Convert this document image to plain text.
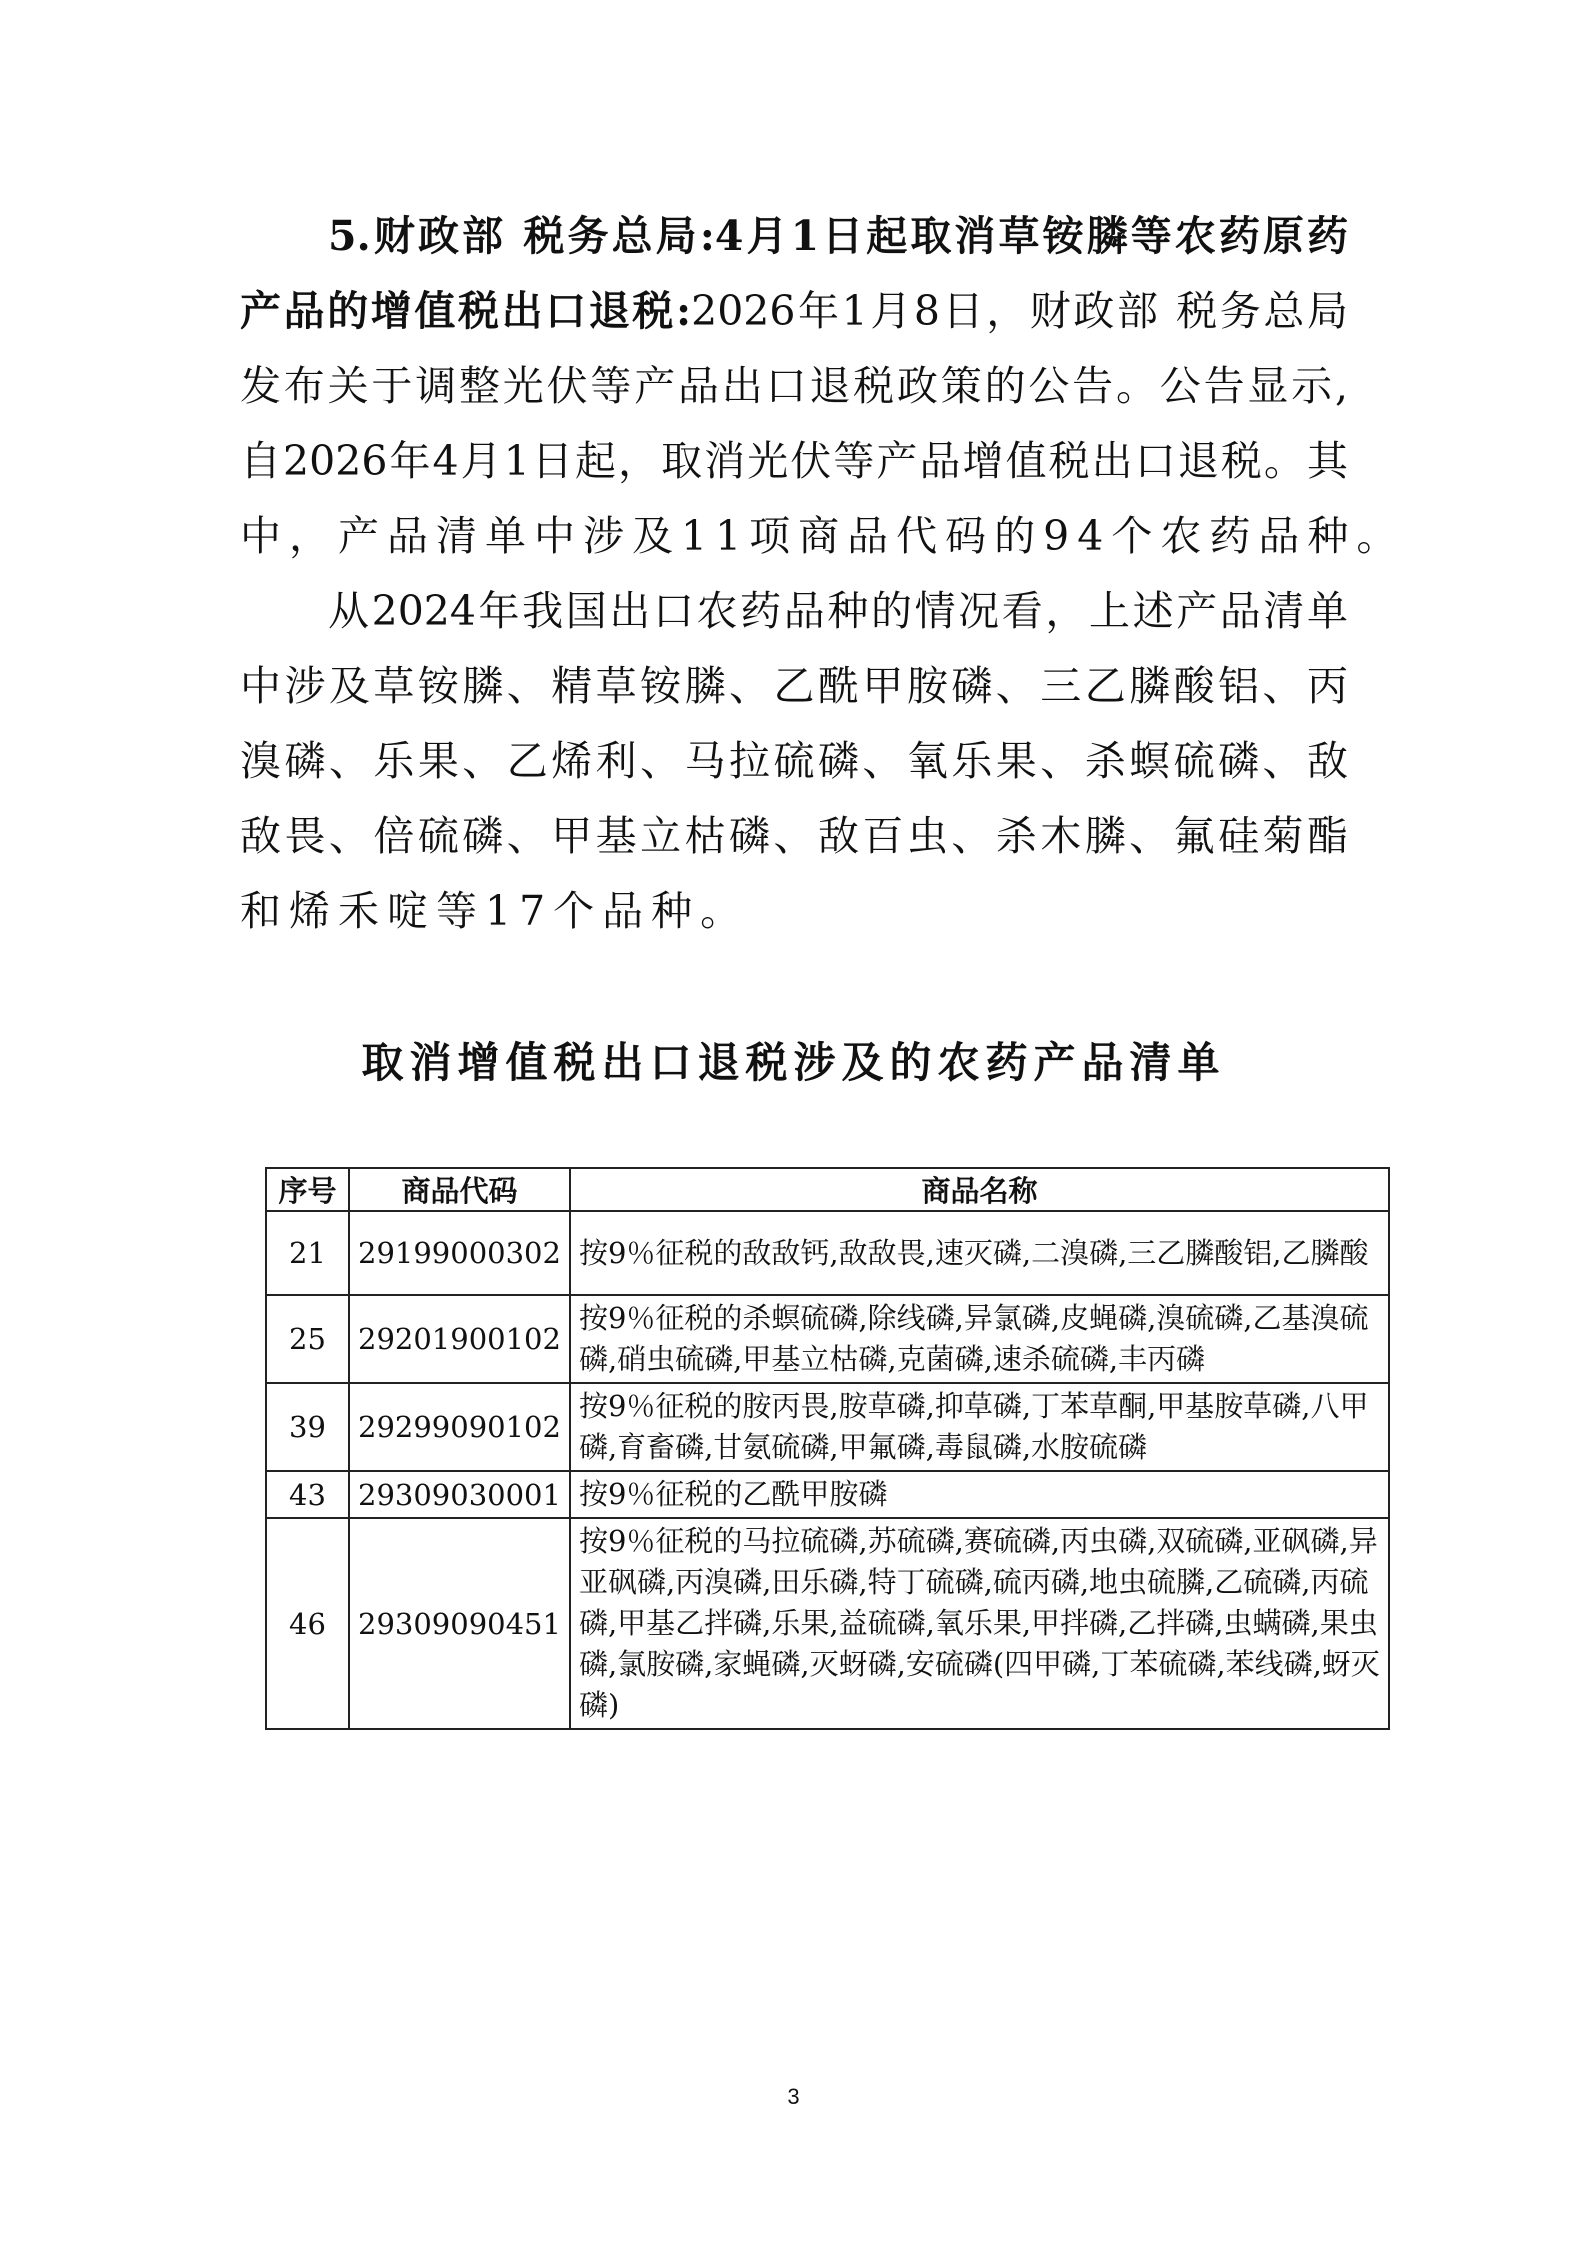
5.财政部 税务总局:4月1日起取消草铵膦等农药原药
产品的增值税出口退税:2026年1月8日，财政部 税务总局
发布关于调整光伏等产品出口退税政策的公告。公告显示,
自2026年4月1日起，取消光伏等产品增值税出口退税。其
中，产品清单中涉及11项商品代码的94个农药品种。
从2024年我国出口农药品种的情况看，上述产品清单
中涉及草铵膦、精草铵膦、乙酰甲胺磷、三乙膦酸铝、丙
溴磷、乐果、乙烯利、马拉硫磷、氧乐果、杀螟硫磷、敌
敌畏、倍硫磷、甲基立枯磷、敌百虫、杀木膦、氟硅菊酯
和烯禾啶等17个品种。
取消增值税出口退税涉及的农药产品清单
序号	商品代码	商品名称
21	29199000302	按9％征税的敌敌钙,敌敌畏,速灭磷,二溴磷,三乙膦酸铝,乙膦酸
25	29201900102	按9％征税的杀螟硫磷,除线磷,异氯磷,皮蝇磷,溴硫磷,乙基溴硫磷,硝虫硫磷,甲基立枯磷,克菌磷,速杀硫磷,丰丙磷
39	29299090102	按9％征税的胺丙畏,胺草磷,抑草磷,丁苯草酮,甲基胺草磷,八甲磷,育畜磷,甘氨硫磷,甲氟磷,毒鼠磷,水胺硫磷
43	29309030001	按9％征税的乙酰甲胺磷
46	29309090451	按9％征税的马拉硫磷,苏硫磷,赛硫磷,丙虫磷,双硫磷,亚砜磷,异亚砜磷,丙溴磷,田乐磷,特丁硫磷,硫丙磷,地虫硫膦,乙硫磷,丙硫磷,甲基乙拌磷,乐果,益硫磷,氧乐果,甲拌磷,乙拌磷,虫螨磷,果虫磷,氯胺磷,家蝇磷,灭蚜磷,安硫磷(四甲磷,丁苯硫磷,苯线磷,蚜灭磷)
3
